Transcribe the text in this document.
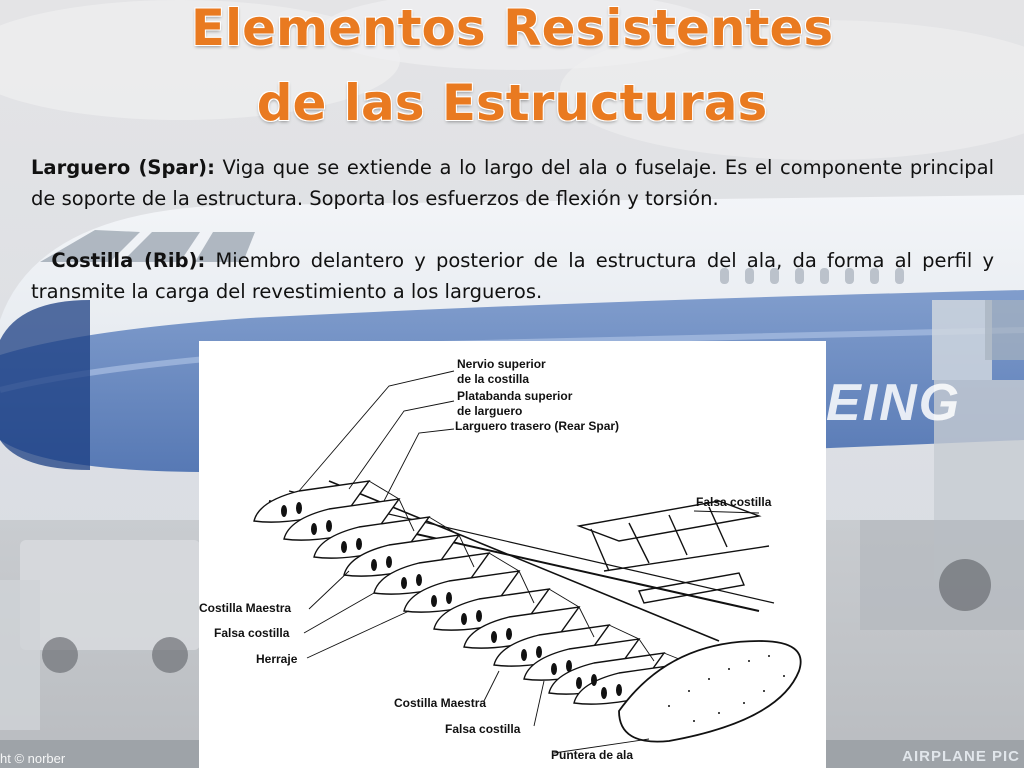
EING
Elementos Resistentes
de las Estructuras
Larguero (Spar): Viga que se extiende a lo largo del ala o fuselaje. Es el componente principal de soporte de la estructura. Soporta los esfuerzos de flexión y torsión.
Costilla (Rib): Miembro delantero y posterior de la estructura del ala, da forma al perfil y transmite la carga del revestimiento a los largueros.
Nervio superior
de la costilla
Platabanda superior
de larguero
Larguero trasero (Rear Spar)
Falsa costilla
Costilla Maestra
Falsa costilla
Herraje
Costilla Maestra
Falsa costilla
Puntera de ala
ht © norber	AIRPLANE PIC
